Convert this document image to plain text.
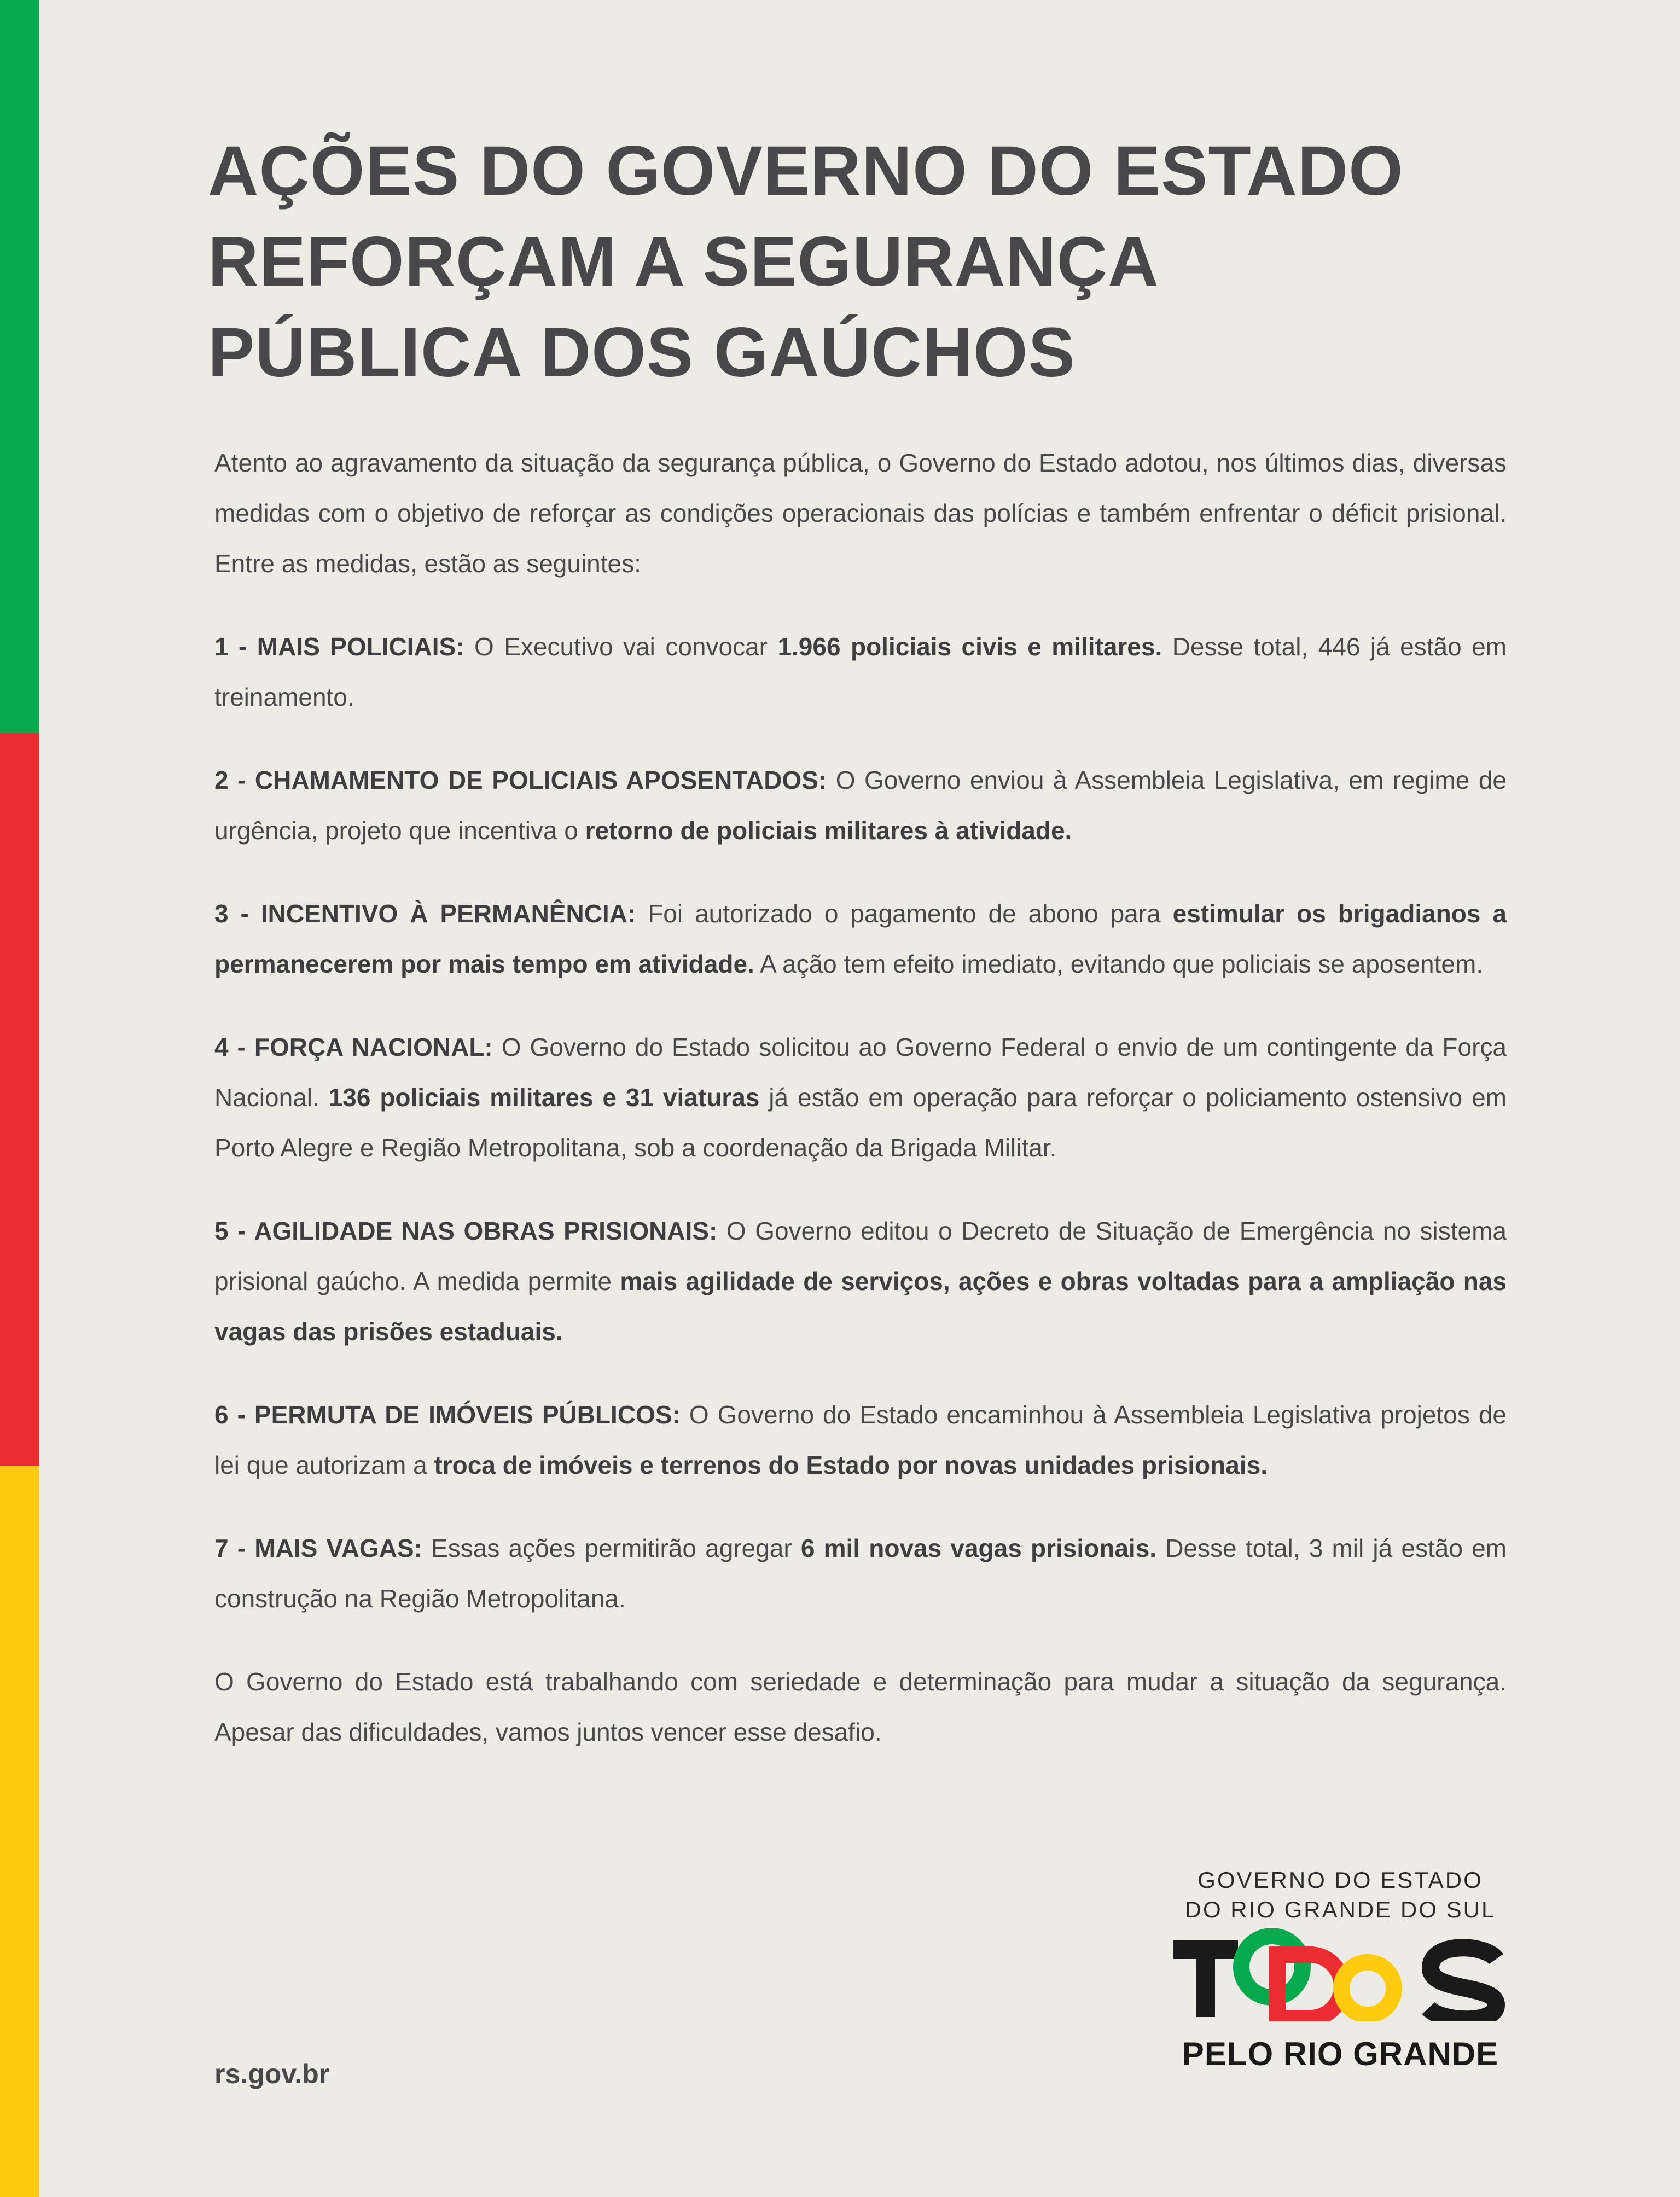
AÇÕES DO GOVERNO DO ESTADO
REFORÇAM A SEGURANÇA
PÚBLICA DOS GAÚCHOS

Atento ao agravamento da situação da segurança pública, o Governo do Estado adotou, nos últimos dias, diversas medidas com o objetivo de reforçar as condições operacionais das polícias e também enfrentar o déficit prisional. Entre as medidas, estão as seguintes:

1 - MAIS POLICIAIS: O Executivo vai convocar 1.966 policiais civis e militares. Desse total, 446 já estão em treinamento.

2 - CHAMAMENTO DE POLICIAIS APOSENTADOS: O Governo enviou à Assembleia Legislativa, em regime de urgência, projeto que incentiva o retorno de policiais militares à atividade.

3 - INCENTIVO À PERMANÊNCIA: Foi autorizado o pagamento de abono para estimular os brigadianos a permanecerem por mais tempo em atividade. A ação tem efeito imediato, evitando que policiais se aposentem.

4 - FORÇA NACIONAL: O Governo do Estado solicitou ao Governo Federal o envio de um contingente da Força Nacional. 136 policiais militares e 31 viaturas já estão em operação para reforçar o policiamento ostensivo em Porto Alegre e Região Metropolitana, sob a coordenação da Brigada Militar.

5 - AGILIDADE NAS OBRAS PRISIONAIS: O Governo editou o Decreto de Situação de Emergência no sistema prisional gaúcho. A medida permite mais agilidade de serviços, ações e obras voltadas para a ampliação nas vagas das prisões estaduais.

6 - PERMUTA DE IMÓVEIS PÚBLICOS: O Governo do Estado encaminhou à Assembleia Legislativa projetos de lei que autorizam a troca de imóveis e terrenos do Estado por novas unidades prisionais.

7 - MAIS VAGAS: Essas ações permitirão agregar 6 mil novas vagas prisionais. Desse total, 3 mil já estão em construção na Região Metropolitana.

O Governo do Estado está trabalhando com seriedade e determinação para mudar a situação da segurança. Apesar das dificuldades, vamos juntos vencer esse desafio.

rs.gov.br
GOVERNO DO ESTADO
DO RIO GRANDE DO SUL
PELO RIO GRANDE
